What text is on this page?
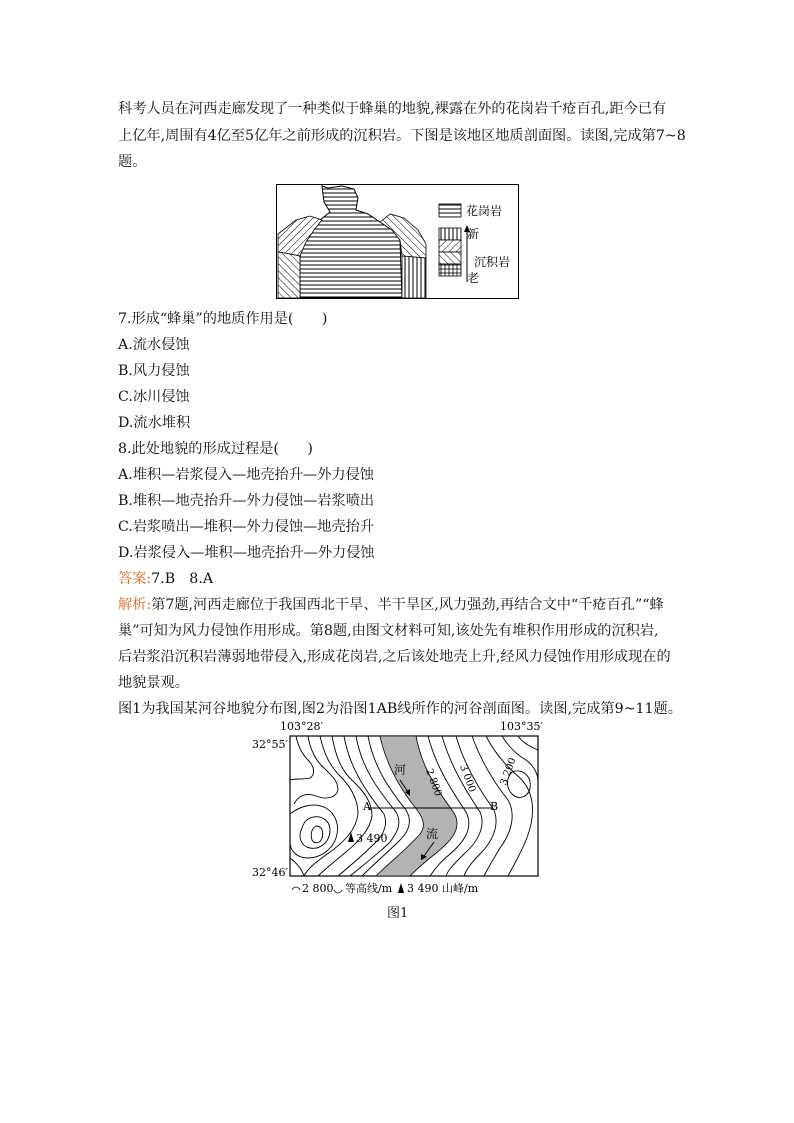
科考人员在河西走廊发现了一种类似于蜂巢的地貌,裸露在外的花岗岩千疮百孔,距今已有
上亿年,周围有4亿至5亿年之前形成的沉积岩。下图是该地区地质剖面图。读图,完成第7~8
题。
花岗岩
新
沉积岩
老
7.形成“蜂巢”的地质作用是(　　)
A.流水侵蚀
B.风力侵蚀
C.冰川侵蚀
D.流水堆积
8.此处地貌的形成过程是(　　)
A.堆积—岩浆侵入—地壳抬升—外力侵蚀
B.堆积—地壳抬升—外力侵蚀—岩浆喷出
C.岩浆喷出—堆积—外力侵蚀—地壳抬升
D.岩浆侵入—堆积—地壳抬升—外力侵蚀
答案:7.B　8.A
解析:第7题,河西走廊位于我国西北干旱、半干旱区,风力强劲,再结合文中“千疮百孔”“蜂
巢”可知为风力侵蚀作用形成。第8题,由图文材料可知,该处先有堆积作用形成的沉积岩,
后岩浆沿沉积岩薄弱地带侵入,形成花岗岩,之后该处地壳上升,经风力侵蚀作用形成现在的
地貌景观。
图1为我国某河谷地貌分布图,图2为沿图1AB线所作的河谷剖面图。读图,完成第9~11题。
103°28′	103°35′
32°55′
32°46′
A	B
河
流
2 800 3 000 3 200
3 490
2 800 等高线/m 3 490 山峰/m
图1
